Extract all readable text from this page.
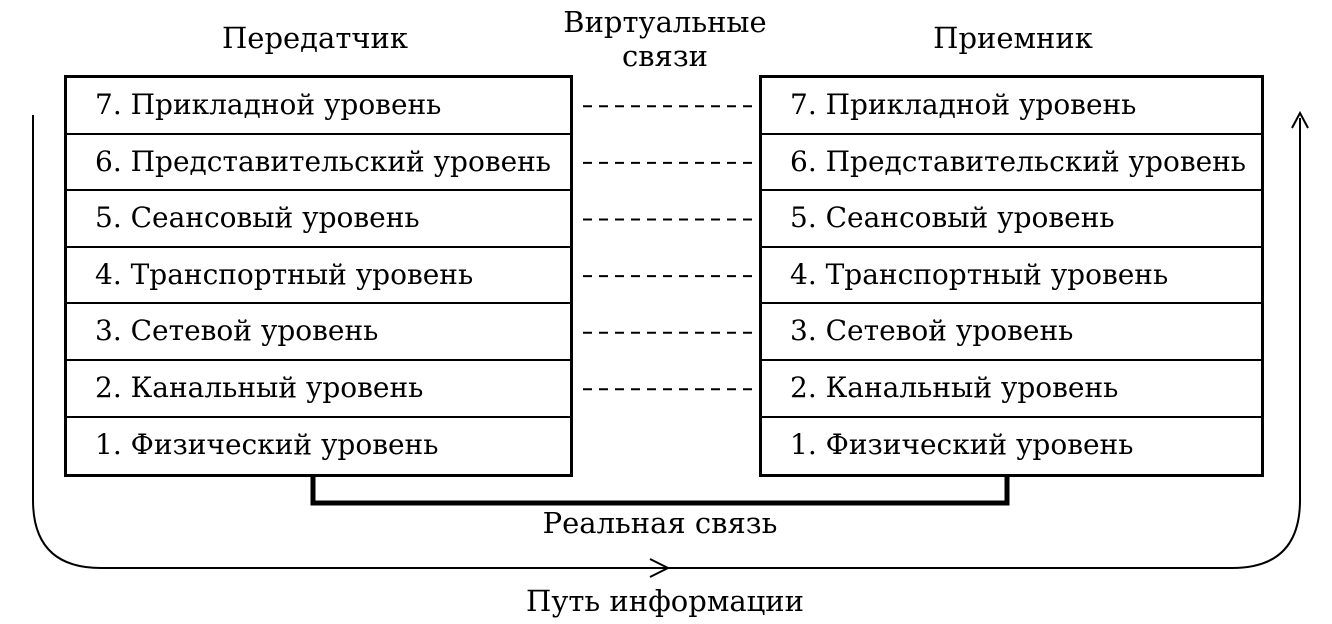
Передатчик	Приемник
Виртуальные
связи
7. Прикладной уровень
6. Представительский уровень
5. Сеансовый уровень
4. Транспортный уровень
3. Сетевой уровень
2. Канальный уровень
1. Физический уровень
7. Прикладной уровень
6. Представительский уровень
5. Сеансовый уровень
4. Транспортный уровень
3. Сетевой уровень
2. Канальный уровень
1. Физический уровень
Реальная связь
Путь информации
